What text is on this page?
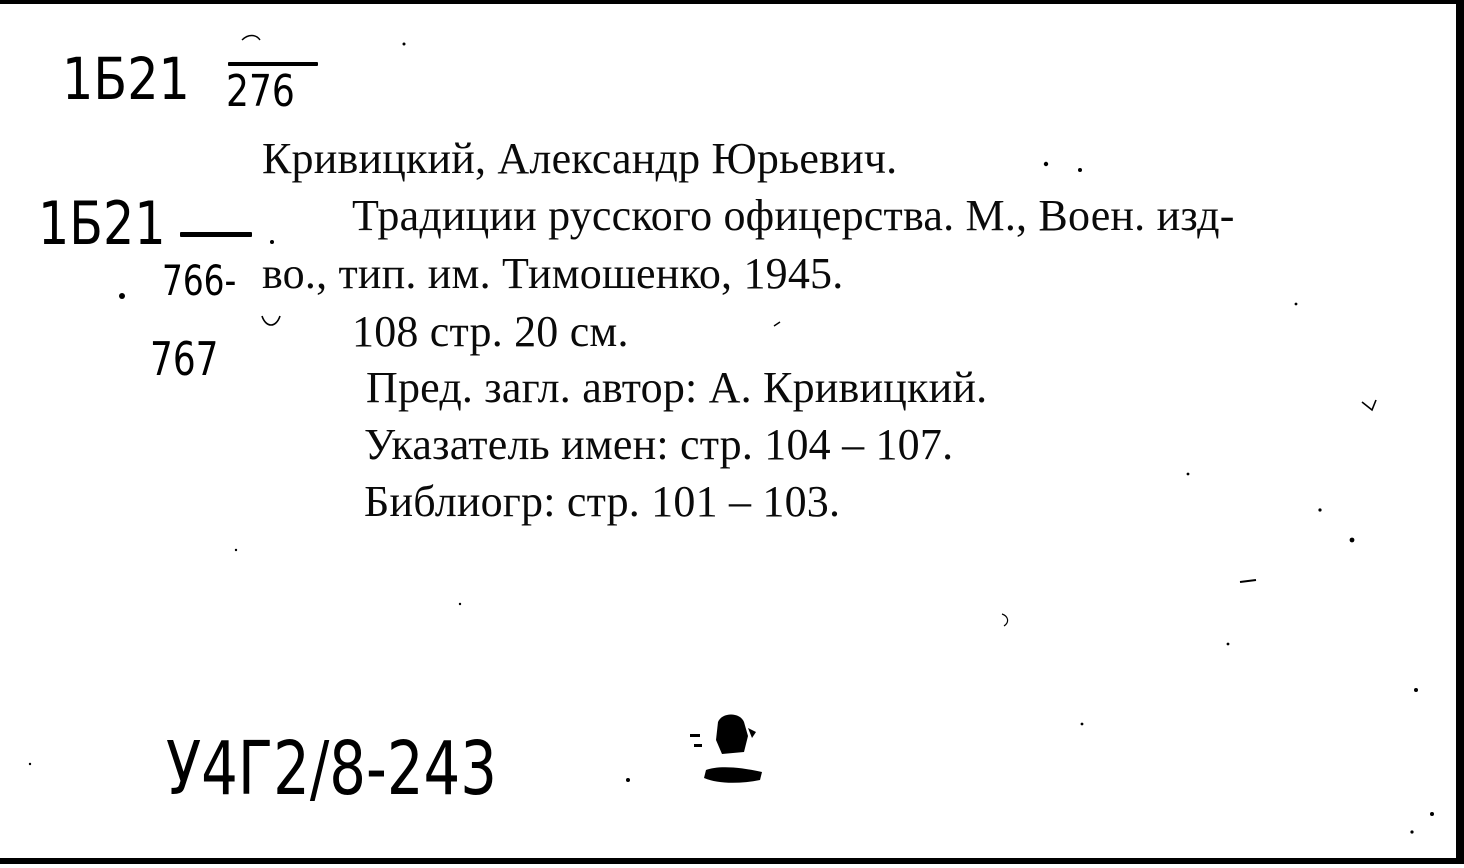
1Б21 276

Кривицкий, Александр Юрьевич.

1Б21	Традиции русского офицерства. М., Воен. изд-

766- во., тип. им. Тимошенко, 1945.

108 стр. 20 см.

767

Пред. загл. автор: А. Кривицкий.

Указатель имен: стр. 104 – 107.

Библиогр: стр. 101 – 103.

У4Г2/8-243
